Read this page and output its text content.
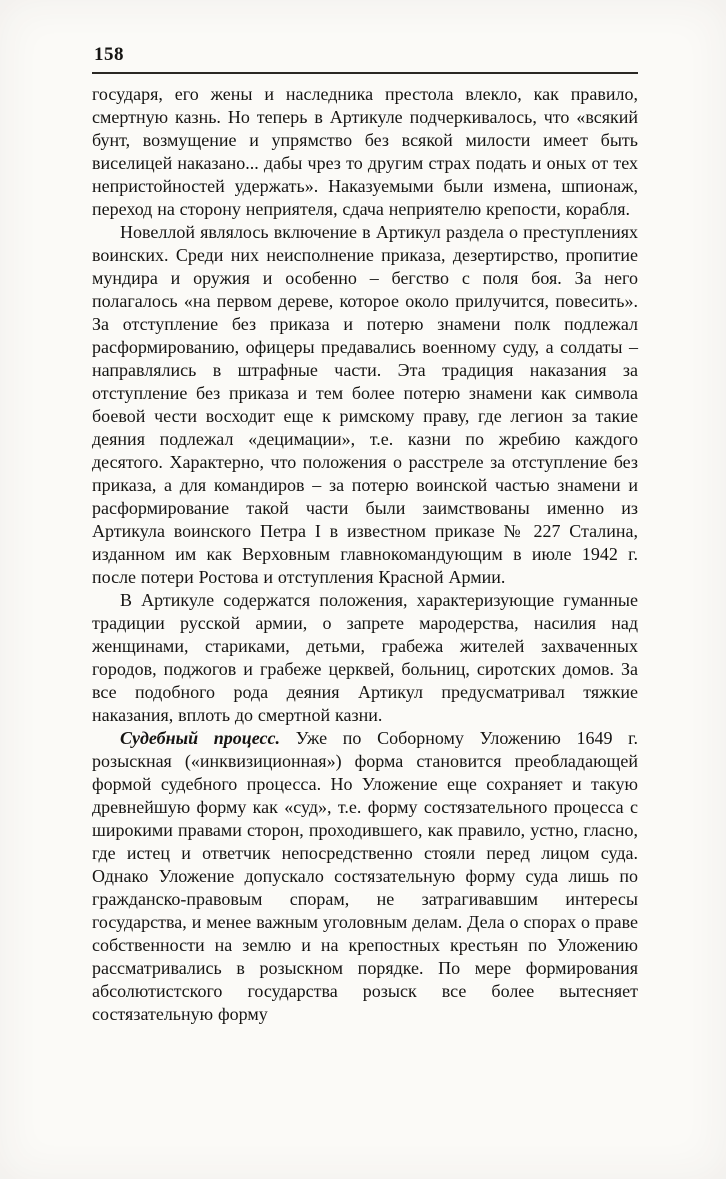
158

государя, его жены и наследника престола влекло, как правило, смертную казнь. Но теперь в Артикуле подчеркивалось, что «всякий бунт, возмущение и упрямство без всякой милости имеет быть виселицей наказано... дабы чрез то другим страх подать и оных от тех непристойностей удержать». Наказуемыми были измена, шпионаж, переход на сторону неприятеля, сдача неприятелю крепости, корабля.

Новеллой являлось включение в Артикул раздела о преступлениях воинских. Среди них неисполнение приказа, дезертирство, пропитие мундира и оружия и особенно – бегство с поля боя. За него полагалось «на первом дереве, которое около прилучится, повесить». За отступление без приказа и потерю знамени полк подлежал расформированию, офицеры предавались военному суду, а солдаты – направлялись в штрафные части. Эта традиция наказания за отступление без приказа и тем более потерю знамени как символа боевой чести восходит еще к римскому праву, где легион за такие деяния подлежал «децимации», т.е. казни по жребию каждого десятого. Характерно, что положения о расстреле за отступление без приказа, а для командиров – за потерю воинской частью знамени и расформирование такой части были заимствованы именно из Артикула воинского Петра I в известном приказе № 227 Сталина, изданном им как Верховным главнокомандующим в июле 1942 г. после потери Ростова и отступления Красной Армии.

В Артикуле содержатся положения, характеризующие гуманные традиции русской армии, о запрете мародерства, насилия над женщинами, стариками, детьми, грабежа жителей захваченных городов, поджогов и грабеже церквей, больниц, сиротских домов. За все подобного рода деяния Артикул предусматривал тяжкие наказания, вплоть до смертной казни.

Судебный процесс. Уже по Соборному Уложению 1649 г. розыскная («инквизиционная») форма становится преобладающей формой судебного процесса. Но Уложение еще сохраняет и такую древнейшую форму как «суд», т.е. форму состязательного процесса с широкими правами сторон, проходившего, как правило, устно, гласно, где истец и ответчик непосредственно стояли перед лицом суда. Однако Уложение допускало состязательную форму суда лишь по гражданско-правовым спорам, не затрагивавшим интересы государства, и менее важным уголовным делам. Дела о спорах о праве собственности на землю и на крепостных крестьян по Уложению рассматривались в розыскном порядке. По мере формирования абсолютистского государства розыск все более вытесняет состязательную форму
